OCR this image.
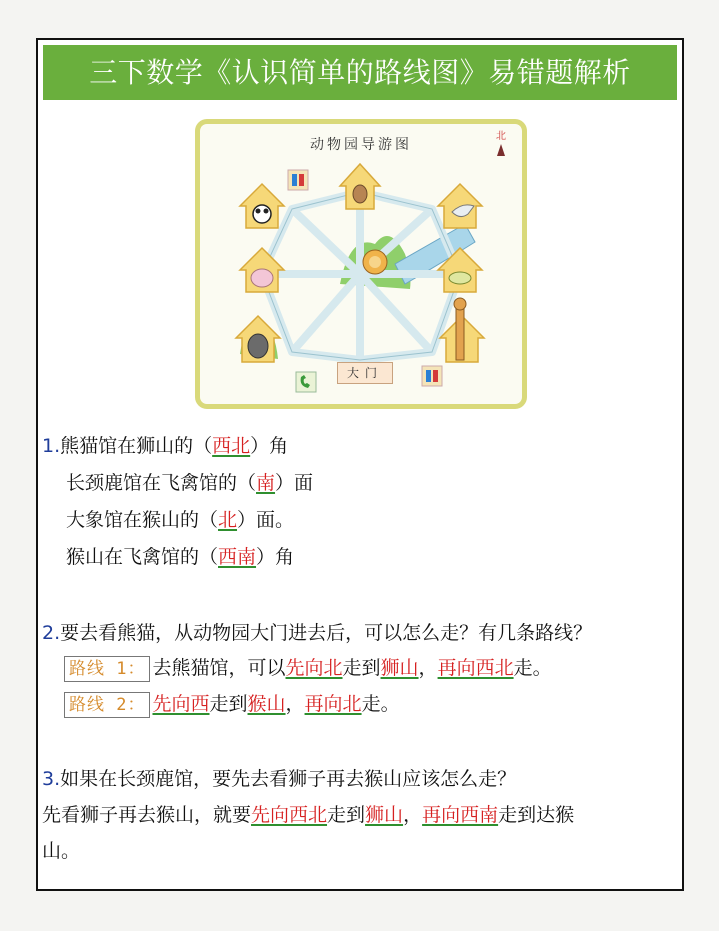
三下数学《认识简单的路线图》易错题解析
动物园导游图
北
大门
1.熊猫馆在狮山的（西北）角
长颈鹿馆在飞禽馆的（南）面
大象馆在猴山的（北）面。
猴山在飞禽馆的（西南）角
2.要去看熊猫，从动物园大门进去后，可以怎么走？有几条路线？
路线 1： 去熊猫馆，可以先向北走到狮山，再向西北走。
路线 2： 先向西走到猴山，再向北走。
3.如果在长颈鹿馆，要先去看狮子再去猴山应该怎么走？
先看狮子再去猴山，就要先向西北走到狮山，再向西南走到达猴
山。
